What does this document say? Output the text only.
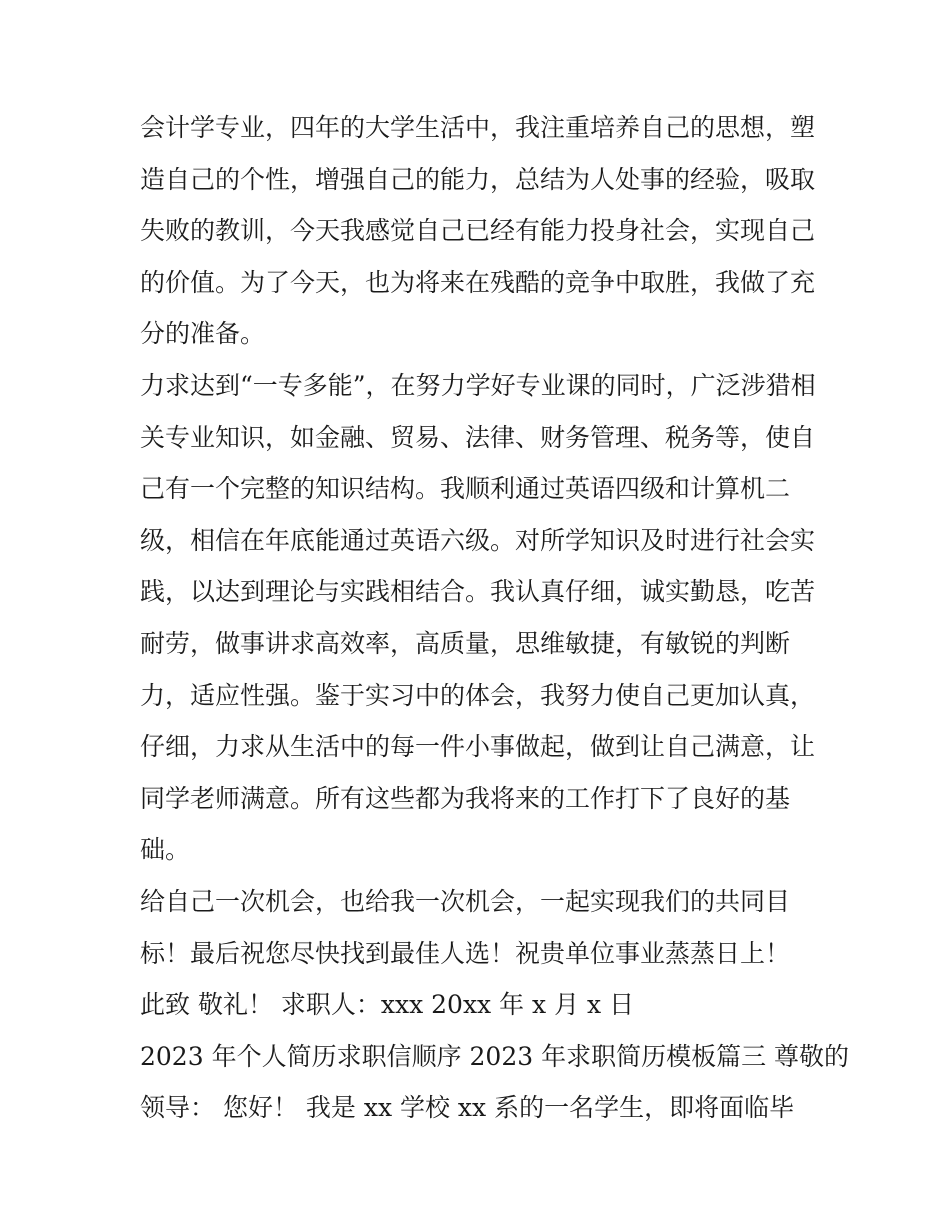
会计学专业，四年的大学生活中，我注重培养自己的思想，塑
造自己的个性，增强自己的能力，总结为人处事的经验，吸取
失败的教训，今天我感觉自己已经有能力投身社会，实现自己
的价值。为了今天，也为将来在残酷的竞争中取胜，我做了充
分的准备。
力求达到“一专多能”，在努力学好专业课的同时，广泛涉猎相
关专业知识，如金融、贸易、法律、财务管理、税务等，使自
己有一个完整的知识结构。我顺利通过英语四级和计算机二
级，相信在年底能通过英语六级。对所学知识及时进行社会实
践，以达到理论与实践相结合。我认真仔细，诚实勤恳，吃苦
耐劳，做事讲求高效率，高质量，思维敏捷，有敏锐的判断
力，适应性强。鉴于实习中的体会，我努力使自己更加认真，
仔细，力求从生活中的每一件小事做起，做到让自己满意，让
同学老师满意。所有这些都为我将来的工作打下了良好的基
础。
给自己一次机会，也给我一次机会，一起实现我们的共同目
标！最后祝您尽快找到最佳人选！祝贵单位事业蒸蒸日上！
此致 敬礼！ 求职人：xxx 20xx 年 x 月 x 日
2023 年个人简历求职信顺序 2023 年求职简历模板篇三 尊敬的
领导： 您好！ 我是 xx 学校 xx 系的一名学生，即将面临毕
